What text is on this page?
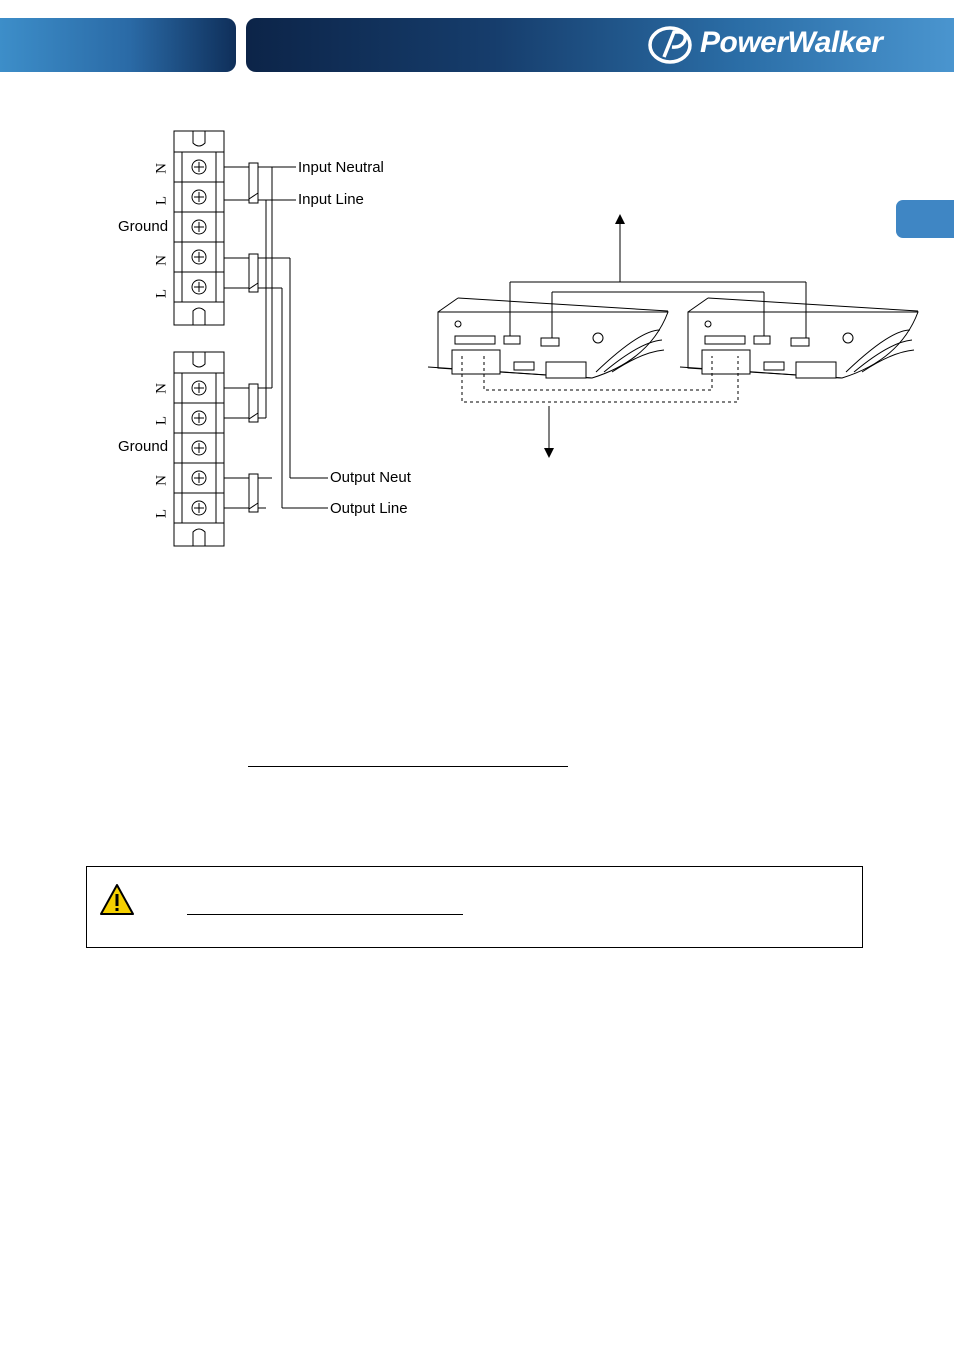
PowerWalker
N
L
Ground
N
L
N
L
Ground
N
L
Input Neutral
Input Line
Output Neut
Output Line
